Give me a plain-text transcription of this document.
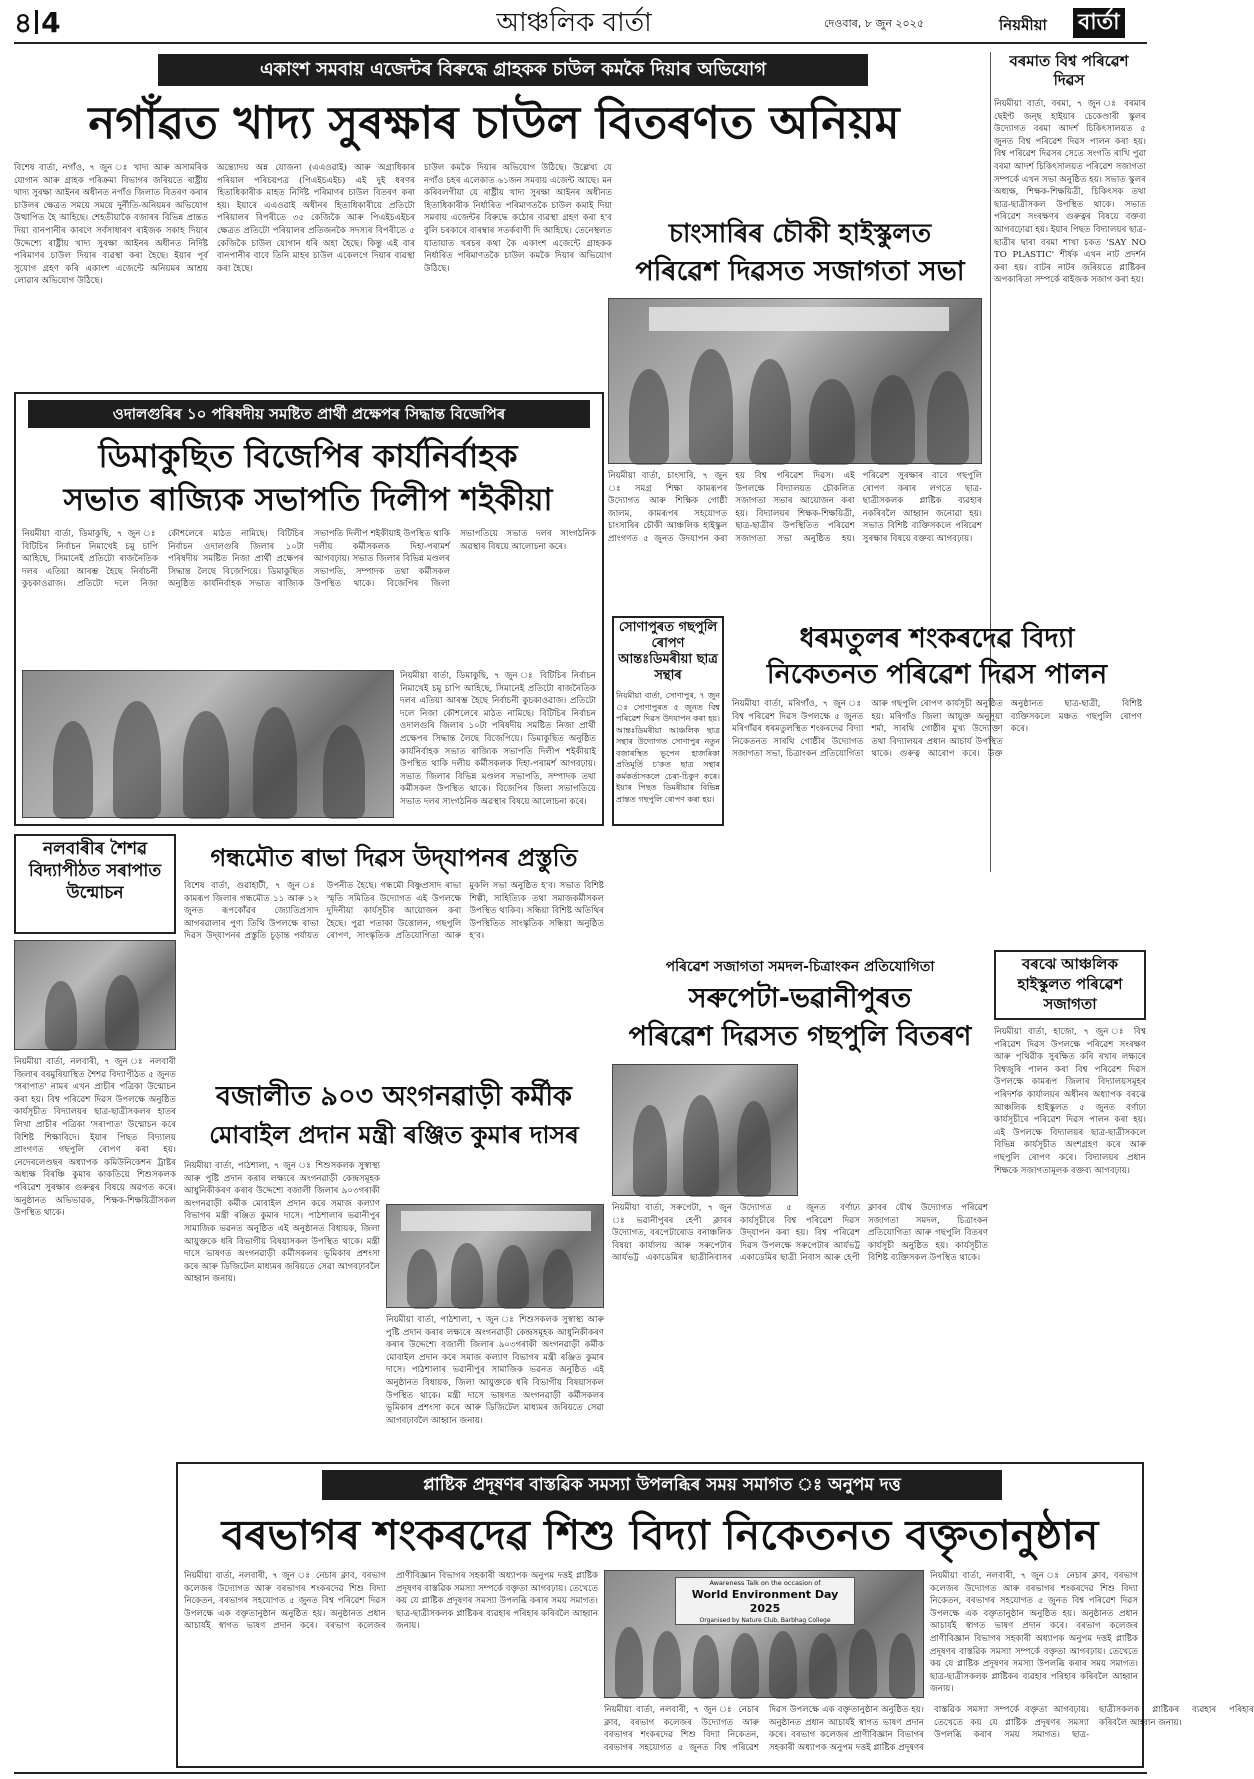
৪ 4	আঞ্চলিক বাৰ্তা	দেওবাৰ, ৮ জুন ২০২৫	নিয়মীয়া বাৰ্তা
একাংশ সমবায় এজেন্টৰ বিৰুদ্ধে গ্ৰাহকক চাউল কমকৈ দিয়াৰ অভিযোগ
নগাঁৱত খাদ্য সুৰক্ষাৰ চাউল বিতৰণত অনিয়ম
বিশেষ বাৰ্তা, নগাঁও, ৭ জুন ঃ খাদ্য আৰু অসামৰিক যোগান আৰু গ্ৰাহক পৰিক্ৰমা বিভাগৰ জৰিয়তে ৰাষ্ট্ৰীয় খাদ্য সুৰক্ষা আইনৰ অধীনত নগাঁও জিলাত বিতৰণ কৰাৰ চাউলৰ ক্ষেত্ৰত সময়ে সময়ে দুৰ্নীতি-অনিয়মৰ অভিযোগ উত্থাপিত হৈ আহিছে। শেহতীয়াকৈ বজাৰৰ বিভিন্ন প্ৰান্তত দিয়া বানপানীৰ কাৰণে সৰ্বসাধাৰণ ৰাইজক সকাহ দিয়াৰ উদ্দেশ্যে ৰাষ্ট্ৰীয় খাদ্য সুৰক্ষা আইনৰ অধীনত নিৰ্দিষ্ট পৰিমাণৰ চাউল দিয়াৰ ব্যৱস্থা কৰা হৈছে। ইয়াৰ পূৰ্ব সুযোগ গ্ৰহণ কৰি একাংশ এজেন্টে অনিয়মৰ আশ্ৰয় লোৱাৰ অভিযোগ উঠিছে।
অন্ত্যোদয় অন্ন যোজনা (এএওৱাই) আৰু অগ্ৰাধিকাৰ পৰিয়াল পৰিচয়পত্ৰ (পিএইচএইচ) এই দুই ধৰণৰ হিতাধিকাৰীক মাহত নিৰ্দিষ্ট পৰিমাণৰ চাউল বিতৰণ কৰা হয়। ইয়াৰে এএওৱাই অধীনৰ হিতাধিকাৰীয়ে প্ৰতিটো পৰিয়ালৰ বিপৰীতে ৩৫ কেজিকৈ আৰু পিএইচএইচৰ ক্ষেত্ৰত প্ৰতিটো পৰিয়ালৰ প্ৰতিজনকৈ সদস্যৰ বিপৰীতে ৫ কেজিকৈ চাউল যোগান ধৰি অহা হৈছে। কিন্তু এই বাৰ বানপানীৰ বাবে তিনি মাহৰ চাউল একেলগে দিয়াৰ ব্যৱস্থা কৰা হৈছে।
চাউল কমকৈ দিয়াৰ অভিযোগ উঠিছে। উল্লেখ্য যে নগাঁও চহৰ এলেকাত ৬১জন সমবায় এজেন্ট আছে। মন কৰিবলগীয়া যে ৰাষ্ট্ৰীয় খাদ্য সুৰক্ষা আইনৰ অধীনত হিতাধিকাৰীক নিৰ্ধাৰিত পৰিমাণতকৈ চাউল কমাই দিয়া সমবায় এজেন্টৰ বিৰুদ্ধে কঠোৰ ব্যৱস্থা গ্ৰহণ কৰা হ'ব বুলি চৰকাৰে বাৰম্বাৰ সতৰ্কবাণী দি আহিছে। তেনেস্থলত যাতায়াত খৰচৰ কথা কৈ একাংশ এজেন্টে গ্ৰাহকক নিৰ্ধাৰিত পৰিমাণতকৈ চাউল কমকৈ দিয়াৰ অভিযোগ উঠিছে।
চাংসাৰিৰ চৌকী হাইস্কুলত
পৰিৱেশ দিৱসত সজাগতা সভা
নিয়মীয়া বাৰ্তা, চাংসাৰি, ৭ জুন ঃ সমগ্ৰ শিক্ষা কামৰূপৰ উদ্যোগত আৰু শিক্ষিক গোষ্ঠী জালম, কামৰূপৰ সহযোগত চাংসাৰিৰ চৌকী আঞ্চলিক হাইস্কুল প্ৰাংগণত ৫ জুনত উদযাপন কৰা হয় বিশ্ব পৰিৱেশ দিৱস। এই উপলক্ষে বিদ্যালয়ত চৌকলিত সজাগতা সভাৰ আয়োজন কৰা হয়। বিদ্যালয়ৰ শিক্ষক-শিক্ষয়িত্ৰী, ছাত্ৰ-ছাত্ৰীৰ উপস্থিতিত পৰিৱেশ সজাগতা সভা অনুষ্ঠিত হয়। পৰিৱেশ সুৰক্ষাৰ বাবে গছপুলি ৰোপণ কৰাৰ লগতে ছাত্ৰ-ছাত্ৰীসকলক প্লাষ্টিক ব্যৱহাৰ নকৰিবলৈ আহ্বান জনোৱা হয়। সভাত বিশিষ্ট ব্যক্তিসকলে পৰিৱেশ সুৰক্ষাৰ বিষয়ে বক্তব্য আগবঢ়ায়।
বৰমাত বিশ্ব পৰিৱেশ দিৱস
নিয়মীয়া বাৰ্তা, বৰমা, ৭ জুন ঃ বৰমাৰ ছেইণ্ট জন্‌ছ হাইয়াৰ চেকেণ্ডাৰী স্কুলৰ উদ্যোগত বৰমা আদৰ্শ চিকিৎসালয়ত ৫ জুনত বিশ্ব পৰিৱেশ দিৱস পালন কৰা হয়। বিশ্ব পৰিৱেশ দিৱসৰ সেতে সংগতি ৰাখি পুৱা বৰমা আদৰ্শ চিকিৎসালয়ত পৰিৱেশ সজাগতা সম্পৰ্কে এখন সভা অনুষ্ঠিত হয়। সভাত স্কুলৰ অধ্যক্ষ, শিক্ষক-শিক্ষয়িত্ৰী, চিকিৎসক তথা ছাত্ৰ-ছাত্ৰীসকল উপস্থিত থাকে। সভাত পৰিৱেশ সংৰক্ষণৰ গুৰুত্বৰ বিষয়ে বক্তব্য আগবঢ়োৱা হয়। ইয়াৰ পিছত বিদ্যালয়ৰ ছাত্ৰ-ছাত্ৰীৰ দ্বাৰা বৰমা শাখা চকত 'SAY NO TO PLASTIC' শীৰ্ষক এখন নাট প্ৰদৰ্শন কৰা হয়। বাটৰ নাটৰ জৰিয়তে প্লাষ্টিকৰ অপকাৰিতা সম্পৰ্কে ৰাইজক সজাগ কৰা হয়।
ওদালগুৰিৰ ১০ পৰিষদীয় সমষ্টিত প্ৰাৰ্থী প্ৰক্ষেপৰ সিদ্ধান্ত বিজেপিৰ
ডিমাকুছিত বিজেপিৰ কাৰ্যনিৰ্বাহক
সভাত ৰাজ্যিক সভাপতি দিলীপ শইকীয়া
নিয়মীয়া বাৰ্তা, ডিমাকুছি, ৭ জুন ঃ বিটিচিৰ নিৰ্বাচন নিমাখেই চমু চাপি আহিছে, সিমানেই প্ৰতিটো ৰাজনৈতিক দলৰ এতিয়া আৰম্ভ হৈছে নিৰ্বাচনী কুচকাওৱাজ। প্ৰতিটো দলে নিজা কৌশলেৰে মাঠত নামিছে। বিটিচিৰ নিৰ্বাচন ওদালগুৰি জিলাৰ ১০টা পৰিষদীয় সমষ্টিত নিজা প্ৰাৰ্থী প্ৰক্ষেপৰ সিদ্ধান্ত লৈছে বিজেপিয়ে। ডিমাকুছিত অনুষ্ঠিত কাৰ্যনিৰ্বাহক সভাত ৰাজ্যিক সভাপতি দিলীপ শইকীয়াই উপস্থিত থাকি দলীয় কৰ্মীসকলক দিহা-পৰামৰ্শ আগবঢ়ায়। সভাত জিলাৰ বিভিন্ন মণ্ডলৰ সভাপতি, সম্পাদক তথা কৰ্মীসকল উপস্থিত থাকে। বিজেপিৰ জিলা সভাপতিয়ে সভাত দলৰ সাংগঠনিক অৱস্থাৰ বিষয়ে আলোচনা কৰে।
নিয়মীয়া বাৰ্তা, ডিমাকুছি, ৭ জুন ঃ বিটিচিৰ নিৰ্বাচন নিমাখেই চমু চাপি আহিছে, সিমানেই প্ৰতিটো ৰাজনৈতিক দলৰ এতিয়া আৰম্ভ হৈছে নিৰ্বাচনী কুচকাওৱাজ। প্ৰতিটো দলে নিজা কৌশলেৰে মাঠত নামিছে। বিটিচিৰ নিৰ্বাচন ওদালগুৰি জিলাৰ ১০টা পৰিষদীয় সমষ্টিত নিজা প্ৰাৰ্থী প্ৰক্ষেপৰ সিদ্ধান্ত লৈছে বিজেপিয়ে। ডিমাকুছিত অনুষ্ঠিত কাৰ্যনিৰ্বাহক সভাত ৰাজ্যিক সভাপতি দিলীপ শইকীয়াই উপস্থিত থাকি দলীয় কৰ্মীসকলক দিহা-পৰামৰ্শ আগবঢ়ায়। সভাত জিলাৰ বিভিন্ন মণ্ডলৰ সভাপতি, সম্পাদক তথা কৰ্মীসকল উপস্থিত থাকে। বিজেপিৰ জিলা সভাপতিয়ে সভাত দলৰ সাংগঠনিক অৱস্থাৰ বিষয়ে আলোচনা কৰে।
সোণাপুৰত গছপুলি ৰোপণ আন্তঃডিমৰীয়া ছাত্ৰ সন্থাৰ
নিয়মীয়া বাৰ্তা, সোণাপুৰ, ৭ জুন ঃ সোণাপুৰত ৫ জুনত বিশ্ব পৰিৱেশ দিৱস উদযাপন কৰা হয়। আন্তঃডিমৰীয়া আঞ্চলিক ছাত্ৰ সন্থাৰ উদ্যোগত সোণাপুৰ নতুন বজাৰস্থিত ভূপেন হাজৰিকা প্ৰতিমূৰ্তি চ'কত ছাত্ৰ সন্থাৰ কৰ্মকৰ্তাসকলে চেৰা-চিকুণ কৰে। ইয়াৰ পিছত ডিমৰীয়াৰ বিভিন্ন প্ৰান্তত গছপুলি ৰোপণ কৰা হয়।
ধৰমতুলৰ শংকৰদেৱ বিদ্যা
নিকেতনত পৰিৱেশ দিৱস পালন
নিয়মীয়া বাৰ্তা, মৰিগাঁও, ৭ জুন ঃ বিশ্ব পৰিৱেশ দিৱস উপলক্ষে ৫ জুনত মৰিগাঁৱৰ ধৰমতুলস্থিত শংকৰদেৱ বিদ্যা নিকেতনত সাৰথি গোষ্ঠীৰ উদ্যোগত সজাগতা সভা, চিত্ৰাংকন প্ৰতিযোগিতা আৰু গছপুলি ৰোপণ কাৰ্যসূচী অনুষ্ঠিত হয়। মৰিগাঁও জিলা আয়ুক্ত অনুসূয়া শৰ্মা, সাৰথি গোষ্ঠীৰ মুখ্য উদ্যোক্তা তথা বিদ্যালয়ৰ প্ৰধান আচাৰ্য উপস্থিত থাকে। গুৰুত্ব আৰোপ কৰে। উক্ত অনুষ্ঠানত ছাত্ৰ-ছাত্ৰী, বিশিষ্ট ব্যক্তিসকলে মঞ্চত গছপুলি ৰোপণ কৰে।
নলবাৰীৰ শৈশৱ বিদ্যাপীঠত সৰাপাত উন্মোচন
নিয়মীয়া বাৰ্তা, নলবাৰী, ৭ জুন ঃ নলবাৰী জিলাৰ বৰমুৰিয়াস্থিত শৈশৱ বিদ্যাপীঠত ৫ জুনত 'সৰাপাত' নামৰ এখন প্ৰাচীৰ পত্ৰিকা উন্মোচন কৰা হয়। বিশ্ব পৰিৱেশ দিৱস উপলক্ষে অনুষ্ঠিত কাৰ্যসূচীত বিদ্যালয়ৰ ছাত্ৰ-ছাত্ৰীসকলৰ হাতৰ লিখা প্ৰাচীৰ পত্ৰিকা 'সৰাপাত' উন্মোচন কৰে বিশিষ্ট শিক্ষাবিদে। ইয়াৰ পিছত বিদ্যালয় প্ৰাংগণত গছপুলি ৰোপণ কৰা হয়। নেদেৰলেণ্ডছৰ অধ্যাপক কমিউনিকেশন ট্ৰাষ্টৰ অধ্যক্ষ বিৰঞ্চি কুমাৰ কাকতিয়ে শিশুসকলক পৰিৱেশ সুৰক্ষাৰ গুৰুত্বৰ বিষয়ে অৱগত কৰে। অনুষ্ঠানত অভিভাৱক, শিক্ষক-শিক্ষয়িত্ৰীসকল উপস্থিত থাকে।
গন্ধমৌত ৰাভা দিৱস উদ্‌যাপনৰ প্ৰস্তুতি
বিশেষ বাৰ্তা, গুৱাহাটী, ৭ জুন ঃ কামৰূপ জিলাৰ গন্ধমৌত ১১ আৰু ১২ জুনত ৰূপকোঁৱৰ জ্যোতিপ্ৰসাদ আগৰৱালাৰ পুণ্য তিথি উপলক্ষে ৰাভা দিৱস উদ্‌যাপনৰ প্ৰস্তুতি চূড়ান্ত পৰ্যায়ত উপনীত হৈছে। গন্ধমৌ বিষ্ণুপ্ৰসাদ ৰাভা স্মৃতি সমিতিৰ উদ্যোগত এই উপলক্ষে দুদিনীয়া কাৰ্যসূচীৰ আয়োজন কৰা হৈছে। পুৱা পতাকা উত্তোলন, গছপুলি ৰোপণ, সাংস্কৃতিক প্ৰতিযোগিতা আৰু মুকলি সভা অনুষ্ঠিত হ'ব। সভাত বিশিষ্ট শিল্পী, সাহিত্যিক তথা সমাজকৰ্মীসকল উপস্থিত থাকিব। সন্ধিয়া বিশিষ্ট অতিথিৰ উপস্থিতিত সাংস্কৃতিক সন্ধিয়া অনুষ্ঠিত হ'ব।
বজালীত ৯০৩ অংগনৱাড়ী কৰ্মীক
মোবাইল প্ৰদান মন্ত্ৰী ৰঞ্জিত কুমাৰ দাসৰ
নিয়মীয়া বাৰ্তা, পাঠশালা, ৭ জুন ঃ শিশুসকলক সুস্বাস্থ্য আৰু পুষ্টি প্ৰদান কৰাৰ লক্ষ্যৰে অংগনৱাড়ী কেন্দ্ৰসমূহক আধুনিকীকৰণ কৰাৰ উদ্দেশ্যে বজালী জিলাৰ ৯০৩গৰাকী অংগনৱাড়ী কৰ্মীক মোবাইল প্ৰদান কৰে সমাজ কল্যাণ বিভাগৰ মন্ত্ৰী ৰঞ্জিত কুমাৰ দাসে। পাঠশালাৰ ভৱানীপুৰ সামাজিক ভৱনত অনুষ্ঠিত এই অনুষ্ঠানত বিধায়ক, জিলা আয়ুক্তকে ধৰি বিভাগীয় বিষয়াসকল উপস্থিত থাকে। মন্ত্ৰী দাসে ভাষণত অংগনৱাড়ী কৰ্মীসকলৰ ভূমিকাৰ প্ৰশংসা কৰে আৰু ডিজিটেল মাধ্যমৰ জৰিয়তে সেৱা আগবঢ়াবলৈ আহ্বান জনায়।
নিয়মীয়া বাৰ্তা, পাঠশালা, ৭ জুন ঃ শিশুসকলক সুস্বাস্থ্য আৰু পুষ্টি প্ৰদান কৰাৰ লক্ষ্যৰে অংগনৱাড়ী কেন্দ্ৰসমূহক আধুনিকীকৰণ কৰাৰ উদ্দেশ্যে বজালী জিলাৰ ৯০৩গৰাকী অংগনৱাড়ী কৰ্মীক মোবাইল প্ৰদান কৰে সমাজ কল্যাণ বিভাগৰ মন্ত্ৰী ৰঞ্জিত কুমাৰ দাসে। পাঠশালাৰ ভৱানীপুৰ সামাজিক ভৱনত অনুষ্ঠিত এই অনুষ্ঠানত বিধায়ক, জিলা আয়ুক্তকে ধৰি বিভাগীয় বিষয়াসকল উপস্থিত থাকে। মন্ত্ৰী দাসে ভাষণত অংগনৱাড়ী কৰ্মীসকলৰ ভূমিকাৰ প্ৰশংসা কৰে আৰু ডিজিটেল মাধ্যমৰ জৰিয়তে সেৱা আগবঢ়াবলৈ আহ্বান জনায়।
পৰিৱেশ সজাগতা সমদল-চিত্ৰাংকন প্ৰতিযোগিতা
সৰুপেটা-ভৱানীপুৰত
পৰিৱেশ দিৱসত গছপুলি বিতৰণ
নিয়মীয়া বাৰ্তা, সৰুপেটা, ৭ জুন ঃ ভৱানীপুৰৰ হেপী ক্লাবৰ উদ্যোগত, বৰপেটাৰোড বনাঞ্চলিক বিষয়া কাৰ্যালয় আৰু সৰুপেটাৰ আৰ্যভট্ট একাডেমিৰ ছাত্ৰীনিবাসৰ উদ্যোগত ৫ জুনত বৰ্ণাঢ্য কাৰ্যসূচীৰে বিশ্ব পৰিৱেশ দিৱস উদ্‌যাপন কৰা হয়। বিশ্ব পৰিৱেশ দিৱস উপলক্ষে সৰুপেটাৰ আৰ্যভট্ট একাডেমিৰ ছাত্ৰী নিবাস আৰু হেপী ক্লাবৰ যৌথ উদ্যোগত পৰিৱেশ সজাগতা সমদল, চিত্ৰাংকন প্ৰতিযোগিতা আৰু গছপুলি বিতৰণ কাৰ্যসূচী অনুষ্ঠিত হয়। কাৰ্যসূচীত বিশিষ্ট ব্যক্তিসকল উপস্থিত থাকে।
বৰঝে আঞ্চলিক হাইস্কুলত পৰিৱেশ সজাগতা
নিয়মীয়া বাৰ্তা, হাজো, ৭ জুন ঃ বিশ্ব পৰিৱেশ দিৱস উপলক্ষে পৰিৱেশ সংৰক্ষণ আৰু পৃথিৱীক সুৰক্ষিত কৰি ৰখাৰ লক্ষ্যৰে বিশ্বজুৰি পালন কৰা বিশ্ব পৰিৱেশ দিৱস উপলক্ষে কামৰূপ জিলাৰ বিদ্যালয়সমূহৰ পৰিদৰ্শক কাৰ্যালয়ৰ অধীনৰ অধ্যাপক বৰঝে আঞ্চলিক হাইস্কুলত ৫ জুনত বৰ্ণাঢ্য কাৰ্যসূচীৰে পৰিৱেশ দিৱস পালন কৰা হয়। এই উপলক্ষে বিদ্যালয়ৰ ছাত্ৰ-ছাত্ৰীসকলে বিভিন্ন কাৰ্যসূচীত অংশগ্ৰহণ কৰে আৰু গছপুলি ৰোপণ কৰে। বিদ্যালয়ৰ প্ৰধান শিক্ষকে সজাগতামূলক বক্তব্য আগবঢ়ায়।
প্লাষ্টিক প্ৰদূষণৰ বাস্তৱিক সমস্যা উপলব্ধিৰ সময় সমাগত ঃ অনুপম দত্ত
বৰভাগৰ শংকৰদেৱ শিশু বিদ্যা নিকেতনত বক্তৃতানুষ্ঠান
নিয়মীয়া বাৰ্তা, নলবাৰী, ৭ জুন ঃ নেচাৰ ক্লাব, বৰভাগ কলেজৰ উদ্যোগত আৰু বৰভাগৰ শংকৰদেৱ শিশু বিদ্যা নিকেতন, বৰভাগৰ সহযোগত ৫ জুনত বিশ্ব পৰিৱেশ দিৱস উপলক্ষে এক বক্তৃতানুষ্ঠান অনুষ্ঠিত হয়। অনুষ্ঠানত প্ৰধান আচাৰ্যই স্বাগত ভাষণ প্ৰদান কৰে। বৰভাগ কলেজৰ প্ৰাণীবিজ্ঞান বিভাগৰ সহকাৰী অধ্যাপক অনুপম দত্তই প্লাষ্টিক প্ৰদূষণৰ বাস্তৱিক সমস্যা সম্পৰ্কে বক্তৃতা আগবঢ়ায়। তেখেতে কয় যে প্লাষ্টিক প্ৰদূষণৰ সমস্যা উপলব্ধি কৰাৰ সময় সমাগত। ছাত্ৰ-ছাত্ৰীসকলক প্লাষ্টিকৰ ব্যৱহাৰ পৰিহাৰ কৰিবলৈ আহ্বান জনায়।
Awareness Talk on the occasion of
World Environment Day 2025
Organised by Nature Club, Barbhag College
নিয়মীয়া বাৰ্তা, নলবাৰী, ৭ জুন ঃ নেচাৰ ক্লাব, বৰভাগ কলেজৰ উদ্যোগত আৰু বৰভাগৰ শংকৰদেৱ শিশু বিদ্যা নিকেতন, বৰভাগৰ সহযোগত ৫ জুনত বিশ্ব পৰিৱেশ দিৱস উপলক্ষে এক বক্তৃতানুষ্ঠান অনুষ্ঠিত হয়। অনুষ্ঠানত প্ৰধান আচাৰ্যই স্বাগত ভাষণ প্ৰদান কৰে। বৰভাগ কলেজৰ প্ৰাণীবিজ্ঞান বিভাগৰ সহকাৰী অধ্যাপক অনুপম দত্তই প্লাষ্টিক প্ৰদূষণৰ বাস্তৱিক সমস্যা সম্পৰ্কে বক্তৃতা আগবঢ়ায়। তেখেতে কয় যে প্লাষ্টিক প্ৰদূষণৰ সমস্যা উপলব্ধি কৰাৰ সময় সমাগত। ছাত্ৰ-ছাত্ৰীসকলক প্লাষ্টিকৰ ব্যৱহাৰ পৰিহাৰ কৰিবলৈ আহ্বান জনায়।
নিয়মীয়া বাৰ্তা, নলবাৰী, ৭ জুন ঃ নেচাৰ ক্লাব, বৰভাগ কলেজৰ উদ্যোগত আৰু বৰভাগৰ শংকৰদেৱ শিশু বিদ্যা নিকেতন, বৰভাগৰ সহযোগত ৫ জুনত বিশ্ব পৰিৱেশ দিৱস উপলক্ষে এক বক্তৃতানুষ্ঠান অনুষ্ঠিত হয়। অনুষ্ঠানত প্ৰধান আচাৰ্যই স্বাগত ভাষণ প্ৰদান কৰে। বৰভাগ কলেজৰ প্ৰাণীবিজ্ঞান বিভাগৰ সহকাৰী অধ্যাপক অনুপম দত্তই প্লাষ্টিক প্ৰদূষণৰ বাস্তৱিক সমস্যা সম্পৰ্কে বক্তৃতা আগবঢ়ায়। তেখেতে কয় যে প্লাষ্টিক প্ৰদূষণৰ সমস্যা উপলব্ধি কৰাৰ সময় সমাগত। ছাত্ৰ-ছাত্ৰীসকলক প্লাষ্টিকৰ ব্যৱহাৰ পৰিহাৰ কৰিবলৈ আহ্বান জনায়।
